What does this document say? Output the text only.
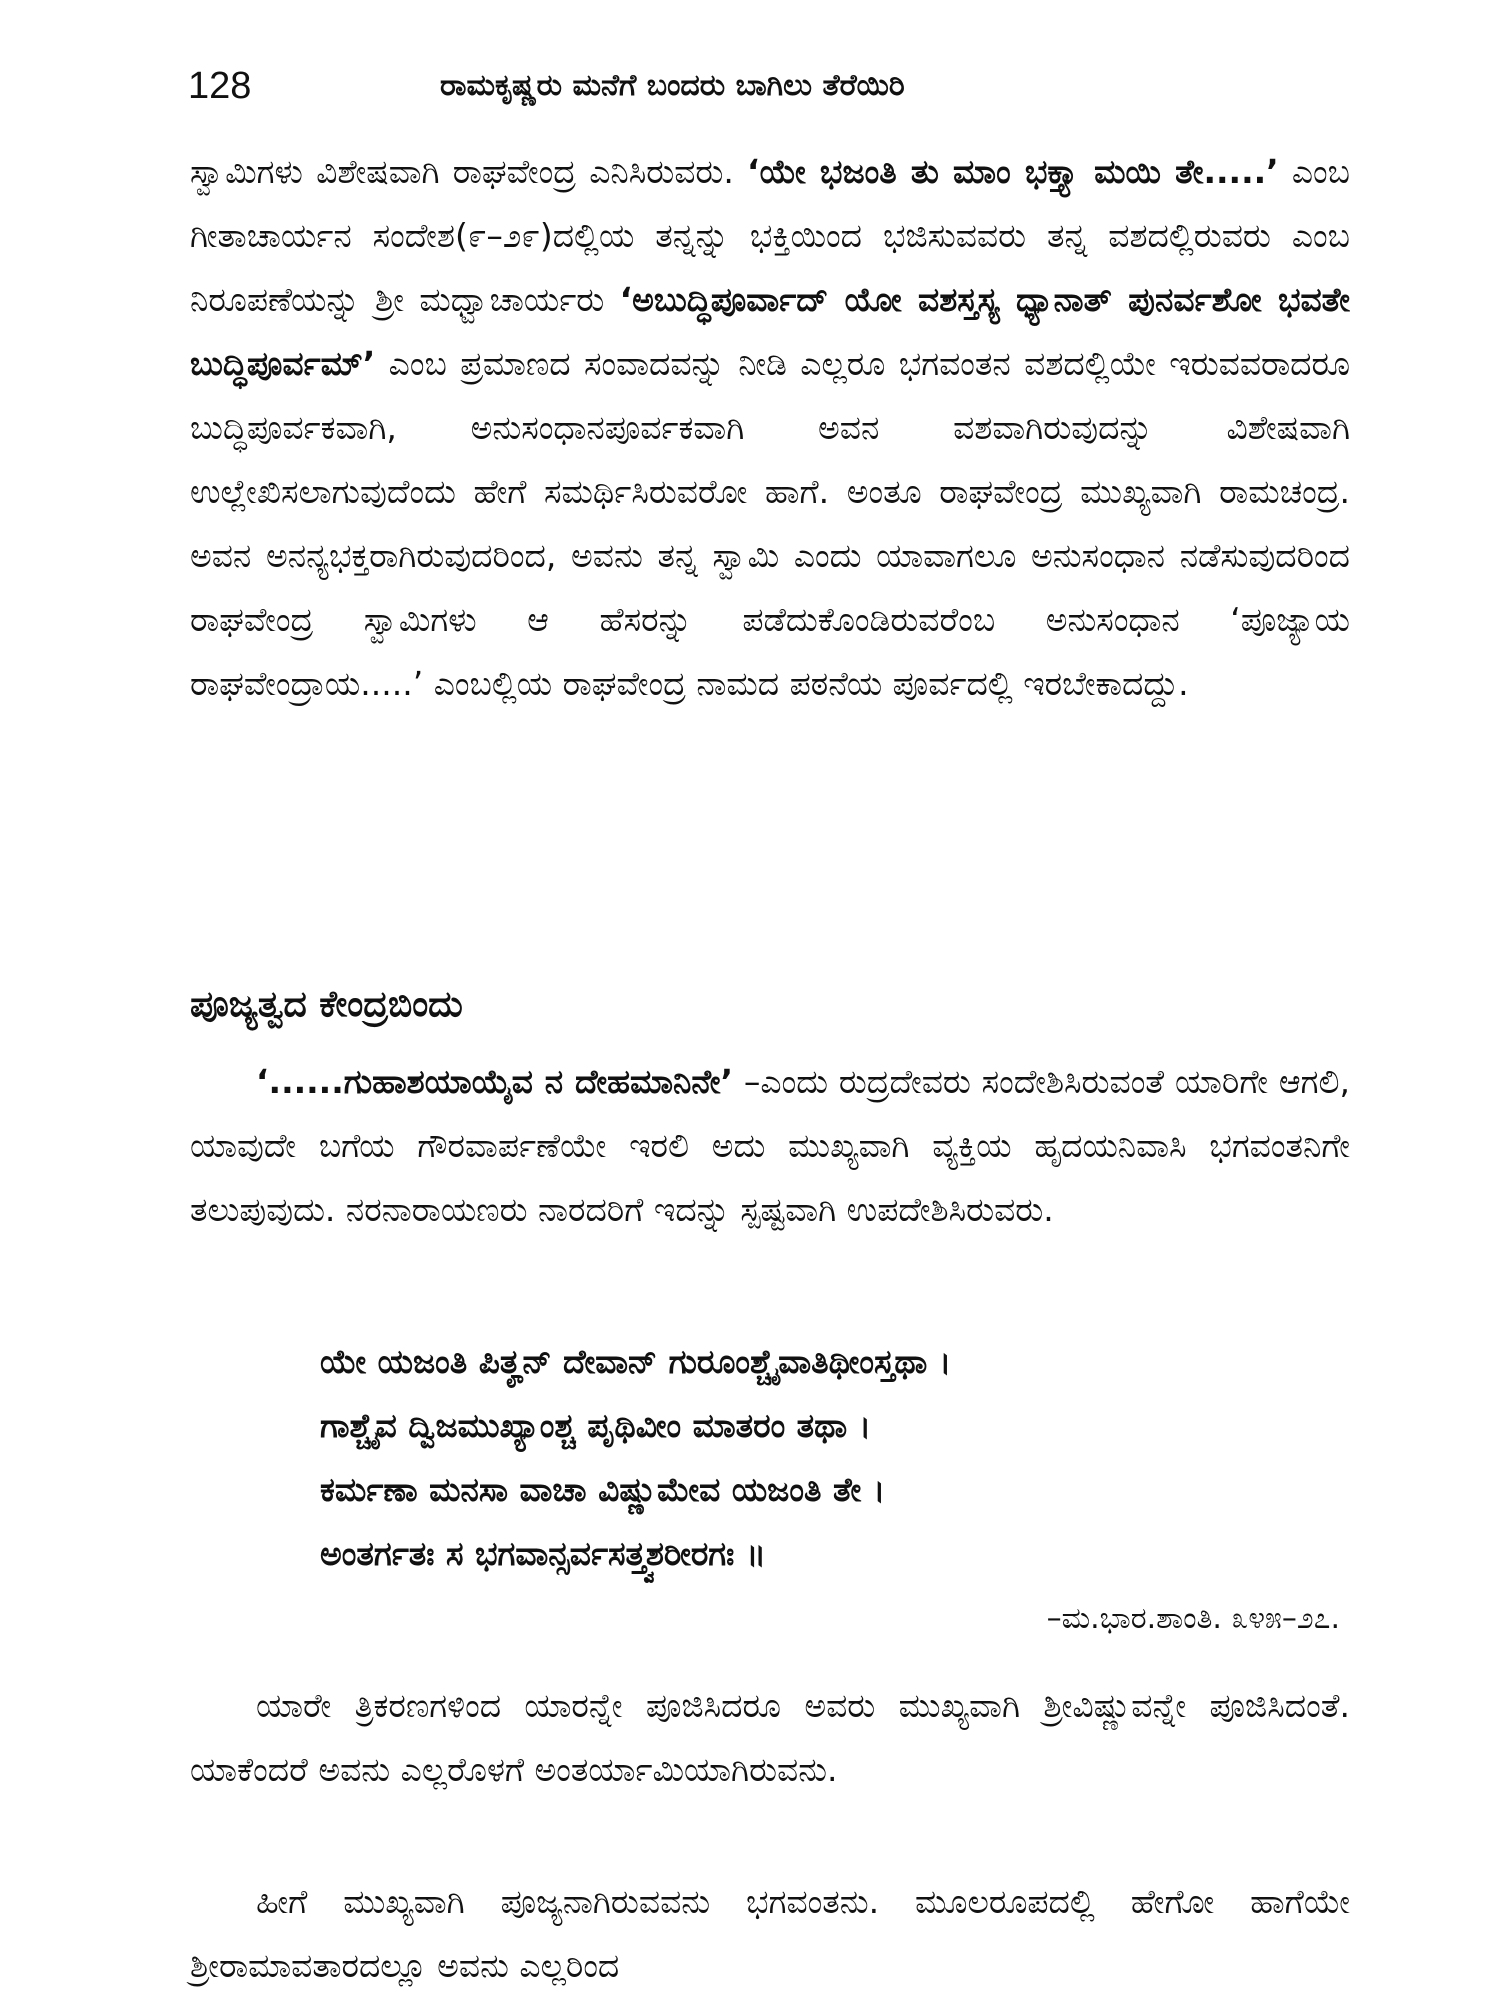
128	ರಾಮಕೃಷ್ಣರು ಮನೆಗೆ ಬಂದರು ಬಾಗಿಲು ತೆರೆಯಿರಿ

ಸ್ವಾಮಿಗಳು ವಿಶೇಷವಾಗಿ ರಾಘವೇಂದ್ರ ಎನಿಸಿರುವರು. ‘ಯೇ ಭಜಂತಿ ತು ಮಾಂ ಭಕ್ತ್ಯಾ ಮಯಿ ತೇ.....’ ಎಂಬ ಗೀತಾಚಾರ್ಯನ ಸಂದೇಶ(೯–೨೯)ದಲ್ಲಿಯ ತನ್ನನ್ನು ಭಕ್ತಿಯಿಂದ ಭಜಿಸುವವರು ತನ್ನ ವಶದಲ್ಲಿರುವರು ಎಂಬ ನಿರೂಪಣೆಯನ್ನು ಶ್ರೀ ಮಧ್ವಾಚಾರ್ಯರು ‘ಅಬುದ್ಧಿಪೂರ್ವಾದ್ ಯೋ ವಶಸ್ತಸ್ಯ ಧ್ಯಾನಾತ್ ಪುನರ್ವಶೋ ಭವತೇ ಬುದ್ಧಿಪೂರ್ವಮ್’ ಎಂಬ ಪ್ರಮಾಣದ ಸಂವಾದವನ್ನು ನೀಡಿ ಎಲ್ಲರೂ ಭಗವಂತನ ವಶದಲ್ಲಿಯೇ ಇರುವವರಾದರೂ ಬುದ್ಧಿಪೂರ್ವಕವಾಗಿ, ಅನುಸಂಧಾನಪೂರ್ವಕವಾಗಿ ಅವನ ವಶವಾಗಿರುವುದನ್ನು ವಿಶೇಷವಾಗಿ ಉಲ್ಲೇಖಿಸಲಾಗುವುದೆಂದು ಹೇಗೆ ಸಮರ್ಥಿಸಿರುವರೋ ಹಾಗೆ. ಅಂತೂ ರಾಘವೇಂದ್ರ ಮುಖ್ಯವಾಗಿ ರಾಮಚಂದ್ರ. ಅವನ ಅನನ್ಯಭಕ್ತರಾಗಿರುವುದರಿಂದ, ಅವನು ತನ್ನ ಸ್ವಾಮಿ ಎಂದು ಯಾವಾಗಲೂ ಅನುಸಂಧಾನ ನಡೆಸುವುದರಿಂದ ರಾಘವೇಂದ್ರ ಸ್ವಾಮಿಗಳು ಆ ಹೆಸರನ್ನು ಪಡೆದುಕೊಂಡಿರುವರೆಂಬ ಅನುಸಂಧಾನ ‘ಪೂಜ್ಯಾಯ ರಾಘವೇಂದ್ರಾಯ.....’ ಎಂಬಲ್ಲಿಯ ರಾಘವೇಂದ್ರ ನಾಮದ ಪಠನೆಯ ಪೂರ್ವದಲ್ಲಿ ಇರಬೇಕಾದದ್ದು.

ಪೂಜ್ಯತ್ವದ ಕೇಂದ್ರಬಿಂದು

‘......ಗುಹಾಶಯಾಯೈವ ನ ದೇಹಮಾನಿನೇ’ –ಎಂದು ರುದ್ರದೇವರು ಸಂದೇಶಿಸಿರುವಂತೆ ಯಾರಿಗೇ ಆಗಲಿ, ಯಾವುದೇ ಬಗೆಯ ಗೌರವಾರ್ಪಣೆಯೇ ಇರಲಿ ಅದು ಮುಖ್ಯವಾಗಿ ವ್ಯಕ್ತಿಯ ಹೃದಯನಿವಾಸಿ ಭಗವಂತನಿಗೇ ತಲುಪುವುದು. ನರನಾರಾಯಣರು ನಾರದರಿಗೆ ಇದನ್ನು ಸ್ಪಷ್ಟವಾಗಿ ಉಪದೇಶಿಸಿರುವರು.

ಯೇ ಯಜಂತಿ ಪಿತೄನ್ ದೇವಾನ್ ಗುರೂಂಶ್ಚೈವಾತಿಥೀಂಸ್ತಥಾ ।
ಗಾಶ್ಚೈವ ದ್ವಿಜಮುಖ್ಯಾಂಶ್ಚ ಪೃಥಿವೀಂ ಮಾತರಂ ತಥಾ ।
ಕರ್ಮಣಾ ಮನಸಾ ವಾಚಾ ವಿಷ್ಣುಮೇವ ಯಜಂತಿ ತೇ ।
ಅಂತರ್ಗತಃ ಸ ಭಗವಾನ್ಸರ್ವಸತ್ತ್ವಶರೀರಗಃ ॥
–ಮ.ಭಾರ.ಶಾಂತಿ. ೩೪೫–೨೭.

ಯಾರೇ ತ್ರಿಕರಣಗಳಿಂದ ಯಾರನ್ನೇ ಪೂಜಿಸಿದರೂ ಅವರು ಮುಖ್ಯವಾಗಿ ಶ್ರೀವಿಷ್ಣುವನ್ನೇ ಪೂಜಿಸಿದಂತೆ. ಯಾಕೆಂದರೆ ಅವನು ಎಲ್ಲರೊಳಗೆ ಅಂತರ್ಯಾಮಿಯಾಗಿರುವನು.

ಹೀಗೆ ಮುಖ್ಯವಾಗಿ ಪೂಜ್ಯನಾಗಿರುವವನು ಭಗವಂತನು. ಮೂಲರೂಪದಲ್ಲಿ ಹೇಗೋ ಹಾಗೆಯೇ ಶ್ರೀರಾಮಾವತಾರದಲ್ಲೂ ಅವನು ಎಲ್ಲರಿಂದ
